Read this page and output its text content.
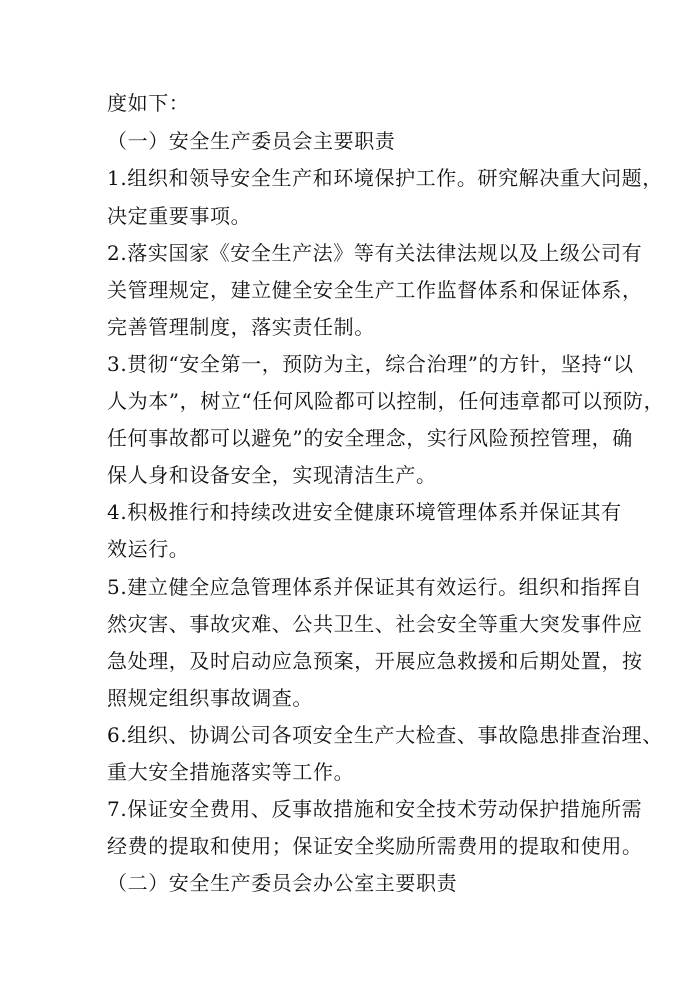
度如下：
（一）安全生产委员会主要职责
1.组织和领导安全生产和环境保护工作。研究解决重大问题，
决定重要事项。
2.落实国家《安全生产法》等有关法律法规以及上级公司有
关管理规定，建立健全安全生产工作监督体系和保证体系，
完善管理制度，落实责任制。
3.贯彻“安全第一，预防为主，综合治理”的方针，坚持“以
人为本”，树立“任何风险都可以控制，任何违章都可以预防，
任何事故都可以避免”的安全理念，实行风险预控管理，确
保人身和设备安全，实现清洁生产。
4.积极推行和持续改进安全健康环境管理体系并保证其有
效运行。
5.建立健全应急管理体系并保证其有效运行。组织和指挥自
然灾害、事故灾难、公共卫生、社会安全等重大突发事件应
急处理，及时启动应急预案，开展应急救援和后期处置，按
照规定组织事故调查。
6.组织、协调公司各项安全生产大检查、事故隐患排查治理、
重大安全措施落实等工作。
7.保证安全费用、反事故措施和安全技术劳动保护措施所需
经费的提取和使用；保证安全奖励所需费用的提取和使用。
（二）安全生产委员会办公室主要职责
